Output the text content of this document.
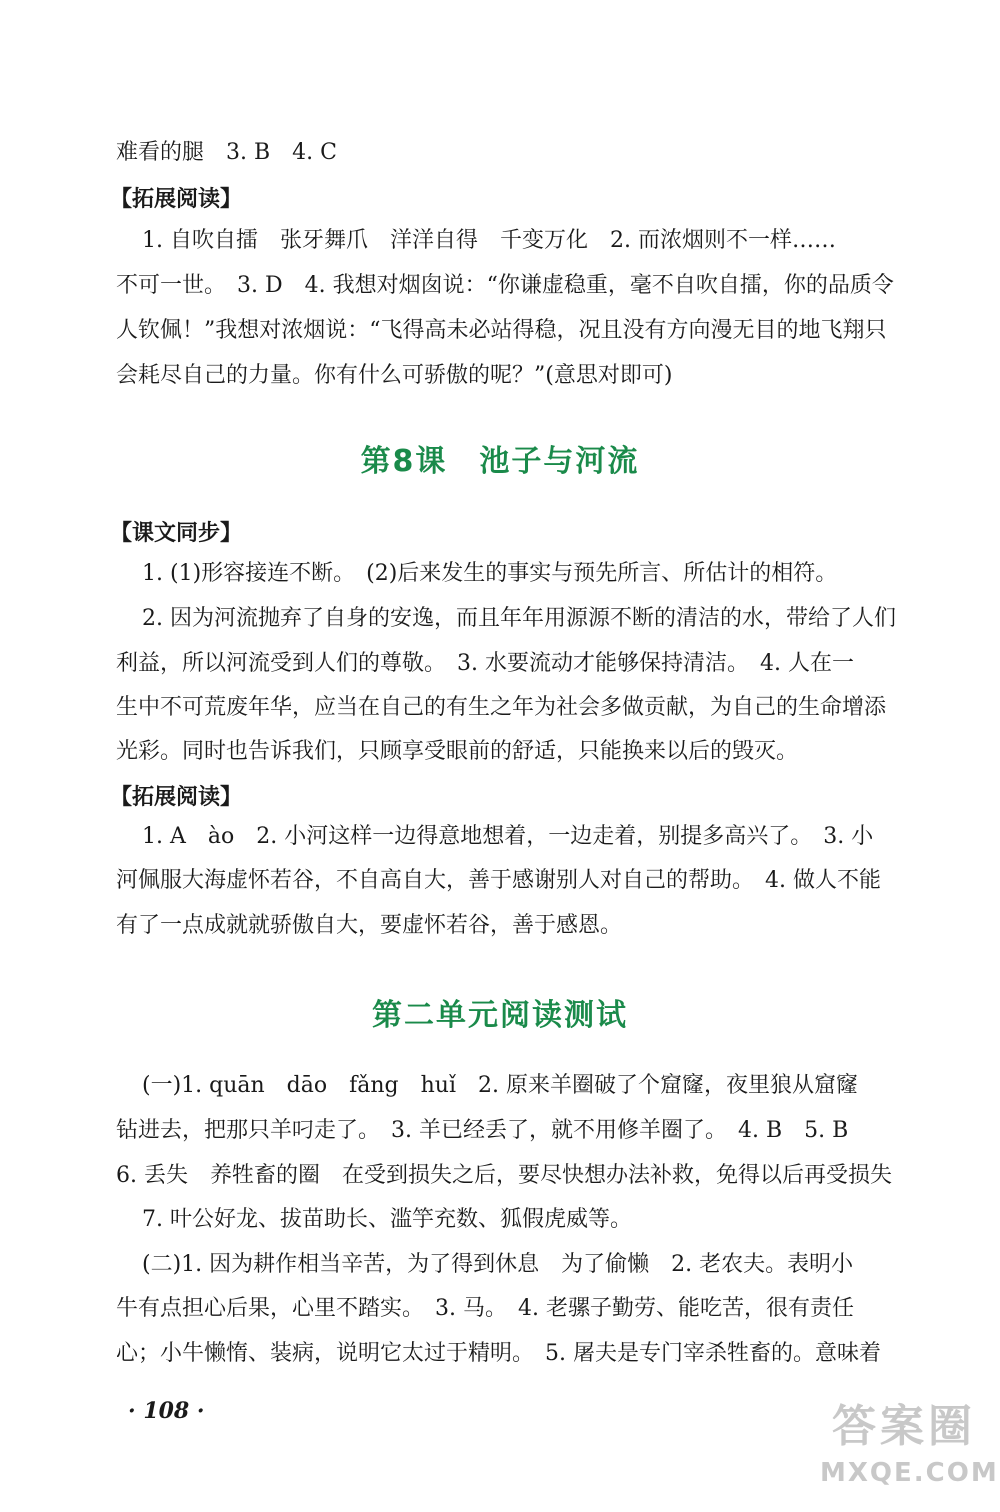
难看的腿　3. B　4. C
【拓展阅读】
1. 自吹自擂　张牙舞爪　洋洋自得　千变万化　2. 而浓烟则不一样……
不可一世。　3. D　4. 我想对烟囱说：“你谦虚稳重，毫不自吹自擂，你的品质令
人钦佩！”我想对浓烟说：“飞得高未必站得稳，况且没有方向漫无目的地飞翔只
会耗尽自己的力量。你有什么可骄傲的呢？”(意思对即可)
第8课　池子与河流
【课文同步】
1. (1)形容接连不断。　(2)后来发生的事实与预先所言、所估计的相符。
2. 因为河流抛弃了自身的安逸，而且年年用源源不断的清洁的水，带给了人们
利益，所以河流受到人们的尊敬。　3. 水要流动才能够保持清洁。　4. 人在一
生中不可荒废年华，应当在自己的有生之年为社会多做贡献，为自己的生命增添
光彩。同时也告诉我们，只顾享受眼前的舒适，只能换来以后的毁灭。
【拓展阅读】
1. A　ào　2. 小河这样一边得意地想着，一边走着，别提多高兴了。　3. 小
河佩服大海虚怀若谷，不自高自大，善于感谢别人对自己的帮助。　4. 做人不能
有了一点成就就骄傲自大，要虚怀若谷，善于感恩。
第二单元阅读测试
(一)1. quān　dāo　fǎng　huǐ　2. 原来羊圈破了个窟窿，夜里狼从窟窿
钻进去，把那只羊叼走了。　3. 羊已经丢了，就不用修羊圈了。　4. B　5. B
6. 丢失　养牲畜的圈　在受到损失之后，要尽快想办法补救，免得以后再受损失
7. 叶公好龙、拔苗助长、滥竽充数、狐假虎威等。
(二)1. 因为耕作相当辛苦，为了得到休息　为了偷懒　2. 老农夫。表明小
牛有点担心后果，心里不踏实。　3. 马。　4. 老骡子勤劳、能吃苦，很有责任
心；小牛懒惰、装病，说明它太过于精明。　5. 屠夫是专门宰杀牲畜的。意味着
· 108 ·	答案圈
MXQE.COM
